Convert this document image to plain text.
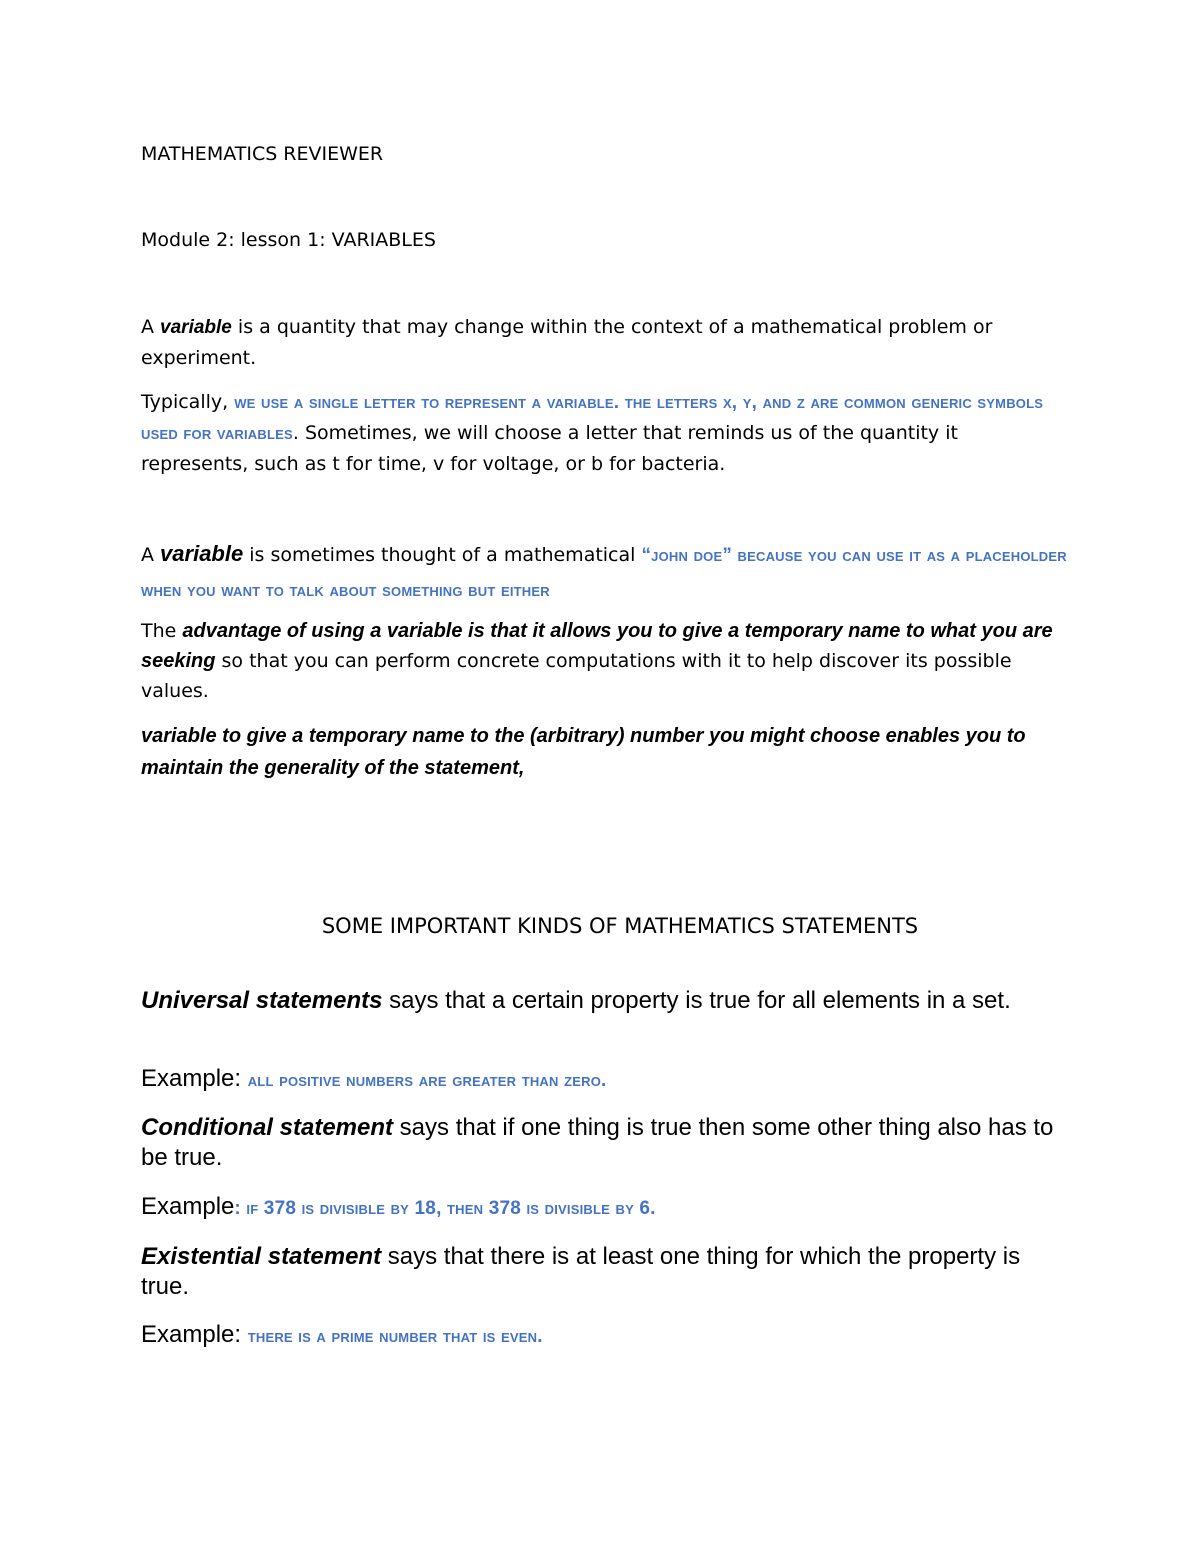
MATHEMATICS REVIEWER

Module 2: lesson 1: VARIABLES

A variable is a quantity that may change within the context of a mathematical problem or experiment.

Typically, we use a single letter to represent a variable. the letters x, y, and z are common generic symbols used for variables. Sometimes, we will choose a letter that reminds us of the quantity it represents, such as t for time, v for voltage, or b for bacteria.

A variable is sometimes thought of a mathematical “john doe” because you can use it as a placeholder when you want to talk about something but either

The advantage of using a variable is that it allows you to give a temporary name to what you are seeking so that you can perform concrete computations with it to help discover its possible values.

variable to give a temporary name to the (arbitrary) number you might choose enables you to maintain the generality of the statement,

SOME IMPORTANT KINDS OF MATHEMATICS STATEMENTS

Universal statements says that a certain property is true for all elements in a set.

Example: all positive numbers are greater than zero.

Conditional statement says that if one thing is true then some other thing also has to be true.

Example: if 378 is divisible by 18, then 378 is divisible by 6.

Existential statement says that there is at least one thing for which the property is true.

Example: there is a prime number that is even.
